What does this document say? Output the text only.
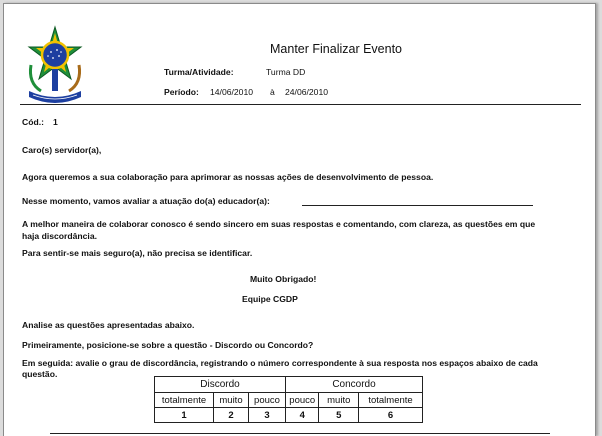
Manter Finalizar Evento
Turma/Atividade:	Turma DD
Período: 14/06/2010 à 24/06/2010
Cód.: 1
Caro(s) servidor(a),
Agora queremos a sua colaboração para aprimorar as nossas ações de desenvolvimento de pessoa.
Nesse momento, vamos avaliar a atuação do(a) educador(a):
A melhor maneira de colaborar conosco é sendo sincero em suas respostas e comentando, com clareza, as questões em que
haja discordância.
Para sentir-se mais seguro(a), não precisa se identificar.
Muito Obrigado!
Equipe CGDP
Analise as questões apresentadas abaixo.
Primeiramente, posicione-se sobre a questão - Discordo ou Concordo?
Em seguida: avalie o grau de discordância, registrando o número correspondente à sua resposta nos espaços abaixo de cada
questão.
Discordo			Concordo		
totalmente	muito	pouco	pouco	muito	totalmente
1	2	3	4	5	6
